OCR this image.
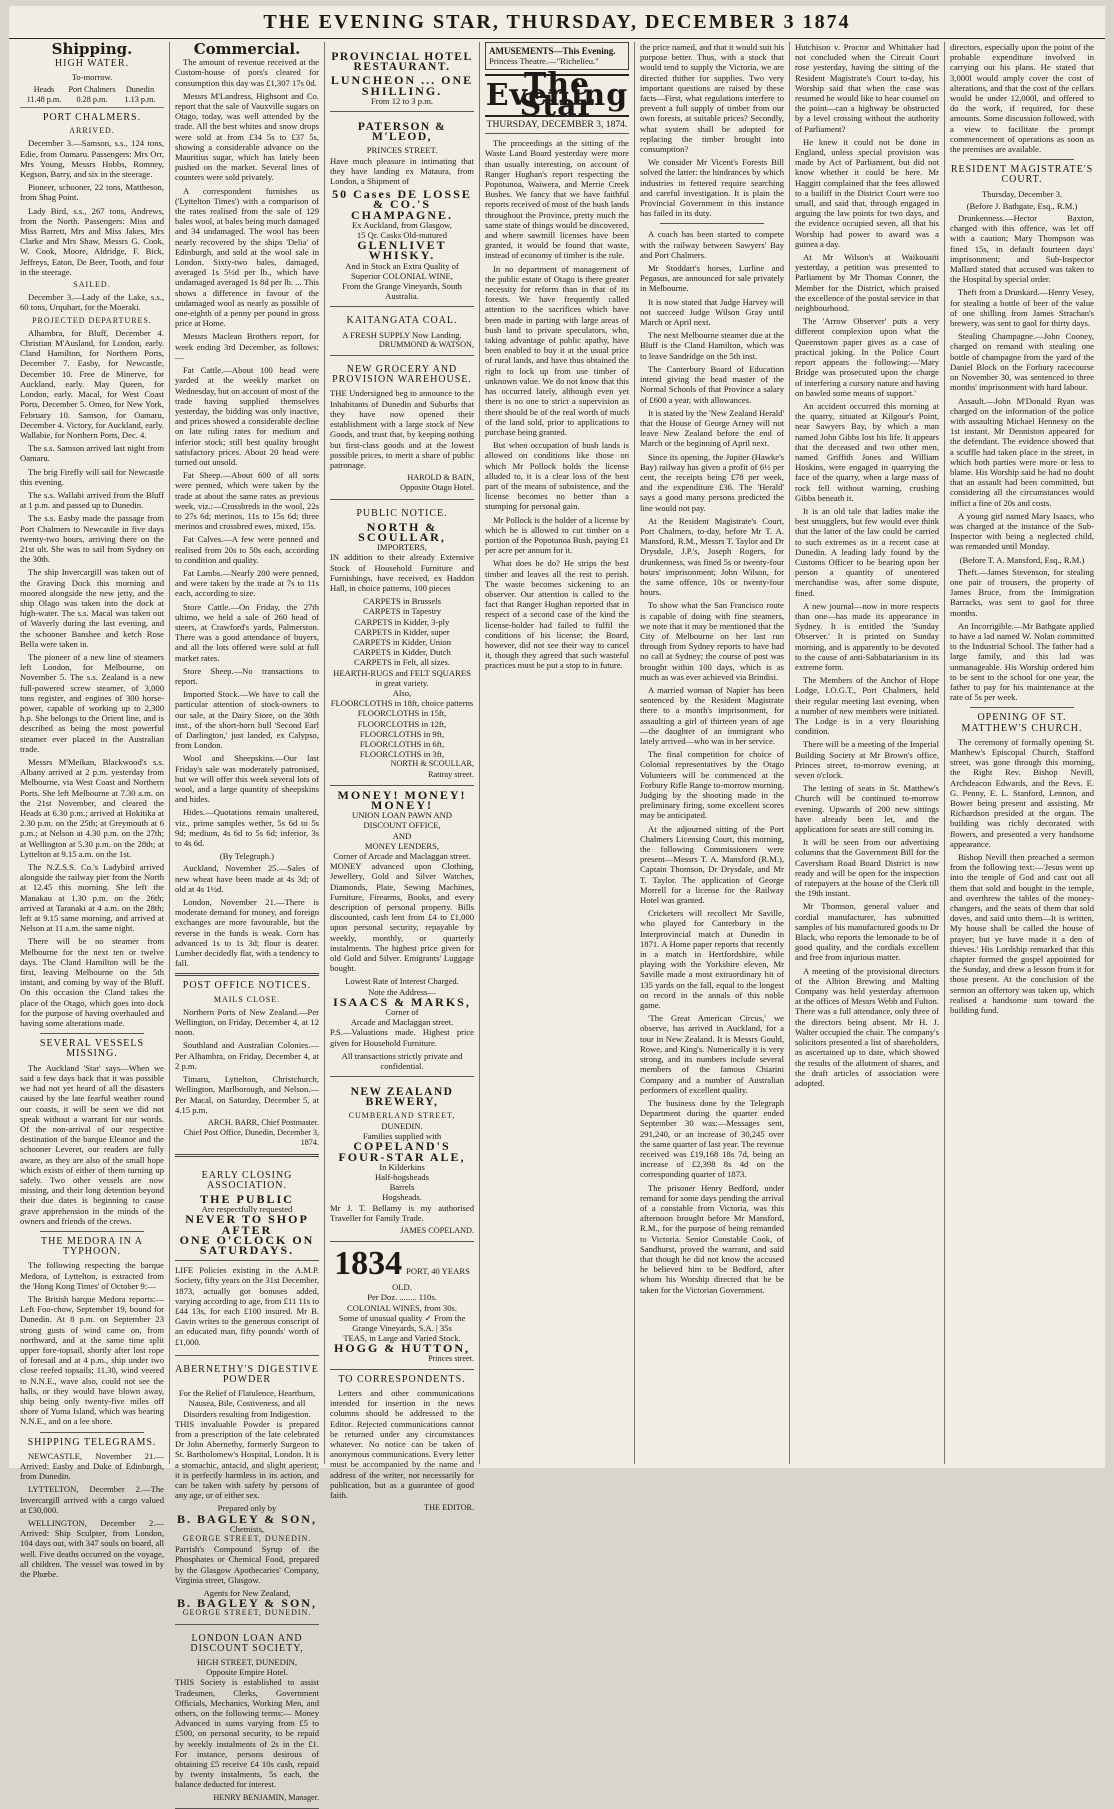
THE EVENING STAR, THURSDAY, DECEMBER 3 1874
Shipping.
HIGH WATER.
To-morrow.
Heads
11.48 p.m.
Port Chalmers
0.28 p.m.
Dunedin
1.13 p.m.
PORT CHALMERS.
ARRIVED.

December 3.—Samson, s.s., 124 tons, Edie, from Oamaru. Passengers: Mrs Orr, Mrs Young, Messrs Hobbs, Romney, Kegson, Barry, and six in the steerage.

Pioneer, schooner, 22 tons, Mattheson, from Shag Point.

Lady Bird, s.s., 267 tons, Andrews, from the North. Passengers: Miss and Miss Barrett, Mrs and Miss Jakes, Mrs Clarke and Mrs Shaw, Messrs G. Cook, W. Cook, Moore, Aldridge, F. Bick, Jeffreys, Eaton, De Beer, Tooth, and four in the steerage.

SAILED.

December 3.—Lady of the Lake, s.s., 60 tons, Urquhart, for the Moeraki.

PROJECTED DEPARTURES.

Alhambra, for Bluff, December 4. Christian M'Ausland, for London, early. Cland Hamilton, for Northern Ports, December 7. Easby, for Newcastle, December 10. Free de Minerve, for Auckland, early. May Queen, for London, early. Macal, for West Coast Ports, December 5. Omeo, for New York, February 10. Samson, for Oamaru, December 4. Victory, for Auckland, early. Wallabie, for Northern Ports, Dec. 4.

The s.s. Samson arrived last night from Oamaru.

The brig Firefly will sail for Newcastle this evening.

The s.s. Wallabi arrived from the Bluff at 1 p.m. and passed up to Dunedin.

The s.s. Easby made the passage from Port Chalmers to Newcastle in five days twenty-two hours, arriving there on the 21st ult. She was to sail from Sydney on the 30th.

The ship Invercargill was taken out of the Graving Dock this morning and moored alongside the new jetty, and the ship Olago was taken into the dock at high-water. The s.s. Macal was taken out of Waverly during the last evening, and the schooner Banshee and ketch Rose Bella were taken in.

The pioneer of a new line of steamers left London, for Melbourne, on November 5. The s.s. Zealand is a new full-powered screw steamer, of 3,000 tons register, and engines of 300 horse-power, capable of working up to 2,300 h.p. She belongs to the Orient line, and is described as being the most powerful steamer ever placed in the Australian trade.

Messrs M'Meikan, Blackwood's s.s. Albany arrived at 2 p.m. yesterday from Melbourne, via West Coast and Northern Ports. She left Melbourne at 7.30 a.m. on the 21st November, and cleared the Heads at 6.30 p.m.; arrived at Hokitika at 2.30 p.m. on the 25th; at Greymouth at 6 p.m.; at Nelson at 4.30 p.m. on the 27th; at Wellington at 5.30 p.m. on the 28th; at Lyttelton at 9.15 a.m. on the 1st.

The N.Z.S.S. Co.'s Ladybird arrived alongside the railway pier from the North at 12.45 this morning. She left the Manakau at 1.30 p.m. on the 26th; arrived at Taranaki at 4 a.m. on the 28th; left at 9.15 same morning, and arrived at Nelson at 11 a.m. the same night.

There will be no steamer from Melbourne for the next ten or twelve days. The Cland Hamilton will be the first, leaving Melbourne on the 5th instant, and coming by way of the Bluff. On this occasion the Cland takes the place of the Otago, which goes into dock for the purpose of having overhauled and having some alterations made.

SEVERAL VESSELS MISSING.

The Auckland 'Star' says—When we said a few days back that it was possible we had not yet heard of all the disasters caused by the late fearful weather round our coasts, it will be seen we did not speak without a warrant for our words. Of the non-arrival of our respective destination of the barque Eleanor and the schooner Leveret, our readers are fully aware, as they are also of the small hope which exists of either of them turning up safely. Two other vessels are now missing, and their long detention beyond their due dates is beginning to cause grave apprehension in the minds of the owners and friends of the crews.

THE MEDORA IN A TYPHOON.

The following respecting the barque Medora, of Lyttelton, is extracted from the 'Hong Kong Times' of October 9:—

The British barque Medora reports:—Left Foo-chow, September 19, bound for Dunedin. At 8 p.m. on September 23 strong gusts of wind came on, from northward, and at the same time split upper fore-topsail, shortly after lost rope of foresail and at 4 p.m., ship under two close reefed topsails; 11.30, wind veered to N.N.E., wave also, could not see the halls, or they would have blown away, ship being only twenty-five miles off shore of Yuma Island, which was bearing N.N.E., and on a lee shore.

SHIPPING TELEGRAMS.

NEWCASTLE, November 21.—Arrived: Easby and Duke of Edinburgh, from Dunedin.

LYTTELTON, December 2.—The Invercargill arrived with a cargo valued at £30,000.

WELLINGTON, December 2.—Arrived: Ship Sculpter, from London, 104 days out, with 347 souls on board, all well. Five deaths occurred on the voyage, all children. The vessel was towed in by the Phœbe.

Commercial.

The amount of revenue received at the Custom-house of pors's cleared for consumption this day was £1,307 17s 0d.

Messrs M'Landress, Highsont and Co. report that the sale of Vauxville sugars on Otago, today, was well attended by the trade. All the best whites and snow drops were sold at from £34 5s to £37 5s, showing a considerable advance on the Mauritius sugar, which has lately been pushed on the market. Several lines of counters were sold privately.

A correspondent furnishes us ('Lyttelton Times') with a comparison of the rates realised from the sale of 129 bales wool, at bales being much damaged and 34 undamaged. The wool has been nearly recovered by the ships 'Delia' of Edinburgh, and sold at the wool sale in London. Sixty-two bales, damaged, averaged 1s 5½d per lb., which have undamaged averaged 1s 8d per lb. ... This shows a difference in favour of the undamaged wool as nearly as possible of one-eighth of a penny per pound in gross price at Home.

Messrs Maclean Brothers report, for week ending 3rd December, as follows:—

Fat Cattle.—About 100 head were yarded at the weekly market on Wednesday, but on account of most of the trade having supplied themselves yesterday, the bidding was only inactive, and prices showed a considerable decline on late ruling rates for medium and inferior stock; still best quality brought satisfactory prices. About 20 head were turned out unsold.

Fat Sheep.—About 600 of all sorts were penned, which were taken by the trade at about the same rates as previous week, viz.:—Crossbreds in the wool, 22s to 27s 6d; merinos, 11s to 15s 6d; three merinos and crossbred ewes, mixed, 15s.

Fat Calves.—A few were penned and realised from 20s to 50s each, according to condition and quality.

Fat Lambs.—Nearly 200 were penned, and were taken by the trade at 7s to 11s each, according to size.

Store Cattle.—On Friday, the 27th ultimo, we held a sale of 260 head of steers, at Crawford's yards, Palmerston. There was a good attendance of buyers, and all the lots offered were sold at full market rates.

Store Sheep.—No transactions to report.

Imported Stock.—We have to call the particular attention of stock-owners to our sale, at the Dairy Store, on the 30th inst., of the short-horn bull 'Second Earl of Darlington,' just landed, ex Calypso, from London.

Wool and Sheepskins.—Our last Friday's sale was moderately patronised, but we will offer this week several lots of wool, and a large quantity of sheepskins and hides.

Hides.—Quotations remain unaltered, viz., prime samples wether, 5s 6d to 5s 9d; medium, 4s 6d to 5s 6d; inferior, 3s to 4s 6d.

(By Telegraph.)

Auckland, November 25.—Sales of new wheat have been made at 4s 3d; of old at 4s 1½d.

London, November 21.—There is moderate demand for money, and foreign exchanges are more favourable, but the reverse in the funds is weak. Corn has advanced 1s to 1s 3d; flour is dearer. Lumber decidedly flat, with a tendency to fall.

POST OFFICE NOTICES.
MAILS CLOSE.

Northern Ports of New Zealand.—Per Wellington, on Friday, December 4, at 12 noon.

Southland and Australian Colonies.—Per Alhambra, on Friday, December 4, at 2 p.m.

Timaru, Lyttelton, Christchurch, Wellington, Marlborough, and Nelson.—Per Macal, on Saturday, December 5, at 4.15 p.m.

ARCH. BARR, Chief Postmaster.
Chief Post Office, Dunedin, December 3, 1874.
EARLY CLOSING ASSOCIATION.
THE PUBLIC
Are respectfully requested
NEVER TO SHOP AFTER
ONE O'CLOCK ON SATURDAYS.

LIFE Policies existing in the A.M.P. Society, fifty years on the 31st December, 1873, actually got bonuses added, varying according to age, from £11 11s to £44 13s, for each £100 insured. Mr B. Gavin writes to the generous conscript of an educated man, fifty pounds' worth of £1,000.

ABERNETHY'S DIGESTIVE POWDER
For the Relief of Flatulence, Heartburn, Nausea, Bile, Costiveness, and all Disorders resulting from Indigestion.

THIS invaluable Powder is prepared from a prescription of the late celebrated Dr John Abernethy, formerly Surgeon to St. Bartholomew's Hospital, London. It is a stomachic, antacid, and slight aperient; it is perfectly harmless in its action, and can be taken with safety by persons of any age, or of either sex.

Prepared only by
B. BAGLEY & SON,
Chemists,
GEORGE STREET, DUNEDIN.

Parrish's Compound Syrup of the Phosphates or Chemical Food, prepared by the Glasgow Apothecaries' Company, Virginia street, Glasgow.

Agents for New Zealand,
B. BAGLEY & SON,
GEORGE STREET, DUNEDIN.
LONDON LOAN AND DISCOUNT SOCIETY,
HIGH STREET, DUNEDIN,
Opposite Empire Hotel.

THIS Society is established to assist Tradesmen, Clerks, Government Officials, Mechanics, Working Men, and others, on the following terms:— Money Advanced in sums varying from £5 to £500, on personal security, to be repaid by weekly instalments of 2s in the £1. For instance, persons desirous of obtaining £5 receive £4 10s cash, repaid by twenty instalments, 5s each, the balance deducted for interest.

HENRY BENJAMIN, Manager.
PROVINCIAL HOTEL RESTAURANT.
LUNCHEON ... ONE SHILLING.
From 12 to 3 p.m.
PATERSON & M'LEOD,
PRINCES STREET.

Have much pleasure in intimating that they have landing ex Mataura, from London, a Shipment of

50 Cases DE LOSSE & CO.'S CHAMPAGNE.
Ex Auckland, from Glasgow,
15 Qr. Casks Old-matured
GLENLIVET WHISKY.
And in Stock an Extra Quality of Superior COLONIAL WINE,
From the Grange Vineyards, South Australia.
KAITANGATA COAL.
A FRESH SUPPLY Now Landing.
DRUMMOND & WATSON,
NEW GROCERY AND PROVISION WAREHOUSE.

THE Undersigned beg to announce to the Inhabitants of Dunedin and Suburbs that they have now opened their establishment with a large stock of New Goods, and trust that, by keeping nothing but first-class goods and at the lowest possible prices, to merit a share of public patronage.

HAROLD & BAIN,
Opposite Otago Hotel.
PUBLIC NOTICE.
NORTH & SCOULLAR,
IMPORTERS,

IN addition to their already Extensive Stock of Household Furniture and Furnishings, have received, ex Haddon Hall, in choice patterns, 100 pieces

CARPETS in Brussels
CARPETS in Tapestry
CARPETS in Kidder, 3-ply
CARPETS in Kidder, super
CARPETS in Kidder, Union
CARPETS in Kidder, Dutch
CARPETS in Felt, all sizes.
HEARTH-RUGS and FELT SQUARES in great variety.
Also,
FLOORCLOTHS in 18ft, choice patterns
FLOORCLOTHS in 15ft,
FLOORCLOTHS in 12ft,
FLOORCLOTHS in 9ft,
FLOORCLOTHS in 6ft,
FLOORCLOTHS in 3ft,
NORTH & SCOULLAR,
Rattray street.
MONEY! MONEY! MONEY!
UNION LOAN PAWN AND DISCOUNT OFFICE,
AND
MONEY LENDERS,
Corner of Arcade and Maclaggan street.

MONEY advanced upon Clothing, Jewellery, Gold and Silver Watches, Diamonds, Plate, Sewing Machines, Furniture, Firearms, Books, and every description of personal property. Bills discounted, cash lent from £4 to £1,000 upon personal security, repayable by weekly, monthly, or quarterly instalments. The highest price given for old Gold and Silver. Emigrants' Luggage bought.

Lowest Rate of Interest Charged.
Note the Address—
ISAACS & MARKS,
Corner of
Arcade and Maclaggan street.

P.S.—Valuations made. Highest price given for Household Furniture.

All transactions strictly private and confidential.
NEW ZEALAND BREWERY,
CUMBERLAND STREET,
DUNEDIN.
Families supplied with
COPELAND'S FOUR-STAR ALE,
In Kilderkins
Half-hogsheads
Barrels
Hogsheads.

Mr J. T. Bellamy is my authorised Traveller for Family Trade.

JAMES COPELAND.
1834 PORT, 40 YEARS OLD.
Per Doz. ........ 110s.
COLONIAL WINES, from 30s.
Some of unusual quality ✓ From the Grange Vineyards, S.A. | 35s
TEAS, in Large and Varied Stock.
HOGG & HUTTON,
Princes street.
TO CORRESPONDENTS.

Letters and other communications intended for insertion in the news columns should be addressed to the Editor. Rejected communications cannot be returned under any circumstances whatever. No notice can be taken of anonymous communications. Every letter must be accompanied by the name and address of the writer, not necessarily for publication, but as a guarantee of good faith.

THE EDITOR.
AMUSEMENTS—This Evening.
Princess Theatre.—"Richelieu."
The Evening Star
THURSDAY, DECEMBER 3, 1874.

The proceedings at the sitting of the Waste Land Board yesterday were more than usually interesting, on account of Ranger Hughan's report respecting the Popotunoa, Waiwera, and Merrie Creek Bushes. We fancy that we have faithful reports received of most of the bush lands throughout the Province, pretty much the same state of things would be discovered, and where sawmill licenses have been granted, it would be found that waste, instead of economy of timber is the rule.

In no department of management of the public estate of Otago is there greater necessity for reform than in that of its forests. We have frequently called attention to the sacrifices which have been made in parting with large areas of bush land to private speculators, who, taking advantage of public apathy, have been enabled to buy it at the usual price of rural lands, and have thus obtained the right to lock up from use timber of unknown value. We do not know that this has occurred lately, although even yet there is no one to strict a supervision as there should be of the real worth of much of the land sold, prior to applications to purchase being granted.

But when occupation of bush lands is allowed on conditions like those on which Mr Pollock holds the license alluded to, it is a clear loss of the best part of the means of subsistence, and the license becomes no better than a stumping for personal gain.

Mr Pollock is the holder of a license by which he is allowed to cut timber on a portion of the Popotunoa Bush, paying £1 per acre per annum for it.

What does he do? He strips the best timber and leaves all the rest to perish. The waste becomes sickening to an observer. Our attention is called to the fact that Ranger Hughan reported that in respect of a second case of the kind the license-holder had failed to fulfil the conditions of his license; the Board, however, did not see their way to cancel it, though they agreed that such wasteful practices must be put a stop to in future.

the price named, and that it would suit his purpose better. Thus, with a stock that would tend to supply the Victoria, we are directed thither for supplies. Two very important questions are raised by these facts—First, what regulations interfere to prevent a full supply of timber from our own forests, at suitable prices? Secondly, what system shall be adopted for replacing the timber brought into consumption?

We consider Mr Vicent's Forests Bill solved the latter: the hindrances by which industries in fettered require searching and careful investigation. It is plain the Provincial Government in this instance has failed in its duty.

A coach has been started to compete with the railway between Sawyers' Bay and Port Chalmers.

Mr Stoddart's horses, Lurline and Pegasus, are announced for sale privately in Melbourne.

It is now stated that Judge Harvey will not succeed Judge Wilson Gray until March or April next.

The next Melbourne steamer due at the Bluff is the Cland Hamilton, which was to leave Sandridge on the 5th inst.

The Canterbury Board of Education intend giving the head master of the Normal Schools of that Province a salary of £600 a year, with allowances.

It is stated by the 'New Zealand Herald' that the House of George Arney will not leave New Zealand before the end of March or the beginning of April next.

Since its opening, the Jupiter (Hawke's Bay) railway has given a profit of 6½ per cent, the receipts being £78 per week, and the expenditure £36. The 'Herald' says a good many persons predicted the line would not pay.

At the Resident Magistrate's Court, Port Chalmers, to-day, before Mr T. A. Mansford, R.M., Messrs T. Taylor and Dr Drysdale, J.P.'s, Joseph Rogers, for drunkenness, was fined 5s or twenty-four hours' imprisonment; John Wilson, for the same offence, 10s or twenty-four hours.

To show what the San Francisco route is capable of doing with fine steamers, we note that it may be mentioned that the City of Melbourne on her last run through from Sydney reports to have had no call at Sydney; the course of post was brought within 100 days, which is as much as was ever achieved via Brindisi.

A married woman of Napier has been sentenced by the Resident Magistrate there to a month's imprisonment, for assaulting a girl of thirteen years of age—the daughter of an immigrant who lately arrived—who was in her service.

The final competition for choice of Colonial representatives by the Otago Volunteers will be commenced at the Forbury Rifle Range to-morrow morning. Judging by the shooting made in the preliminary firing, some excellent scores may be anticipated.

At the adjourned sitting of the Port Chalmers Licensing Court, this morning, the following Commissioners were present—Messrs T. A. Mansford (R.M.), Captain Thomson, Dr Drysdale, and Mr T. Taylor. The application of George Morrell for a license for the Railway Hotel was granted.

Cricketers will recollect Mr Saville, who played for Canterbury in the Interprovincial match at Dunedin in 1871. A Home paper reports that recently in a match in Hertfordshire, while playing with the Yorkshire eleven, Mr Saville made a most extraordinary hit of 135 yards on the fall, equal to the longest on record in the annals of this noble game.

'The Great American Circus,' we observe, has arrived in Auckland, for a tour in New Zealand. It is Messrs Gould, Rowe, and King's. Numerically it is very strong, and its numbers include several members of the famous Chiarini Company and a number of Australian performers of excellent quality.

The business done by the Telegraph Department during the quarter ended September 30 was:—Messages sent, 291,240, or an increase of 30,245 over the same quarter of last year. The revenue received was £19,168 18s 7d, being an increase of £2,398 8s 4d on the corresponding quarter of 1873.

The prisoner Henry Bedford, under remand for some days pending the arrival of a constable from Victoria, was this afternoon brought before Mr Mansford, R.M., for the purpose of being remanded to Victoria. Senior Constable Cook, of Sandhurst, proved the warrant, and said that though he did not know the accused he believed him to be Bedford, after whom his Worship directed that he be taken for the Victorian Government.

Hutchison v. Proctor and Whittaker had not concluded when the Circuit Court rose yesterday, having the sitting of the Resident Magistrate's Court to-day, his Worship said that when the case was resumed he would like to hear counsel on the point—can a highway be obstructed by a level crossing without the authority of Parliament?

He knew it could not be done in England, unless special provision was made by Act of Parliament, but did not know whether it could be here. Mr Haggitt complained that the fees allowed to a bailiff in the District Court were too small, and said that, through engaged in arguing the law points for two days, and the evidence occupied seven, all that his Worship had power to award was a guinea a day.

At Mr Wilson's at Waikouaiti yesterday, a petition was presented to Parliament by Mr Thomas Conner, the Member for the District, which praised the excellence of the postal service in that neighbourhood.

The 'Arrow Observer' puts a very different complexion upon what the Queenstown paper gives as a case of practical joking. In the Police Court report appears the following:—'Mary Bridge was prosecuted upon the charge of interfering a cursory nature and having on bawled some means of support.'

An accident occurred this morning at the quarry, situated at Kilgour's Point, near Sawyers Bay, by which a man named John Gibbs lost his life. It appears that the deceased and two other men, named Griffith Jones and William Hoskins, were engaged in quarrying the face of the quarry, when a large mass of rock fell without warning, crushing Gibbs beneath it.

It is an old tale that ladies make the best smugglers, but few would ever think that the latter of the law could be carried to such extremes as in a recent case at Dunedin. A leading lady found by the Customs Officer to be bearing upon her person a quantity of unentered merchandise was, after some dispute, fined.

A new journal—now in more respects than one—has made its appearance in Sydney. It is entitled the 'Sunday Observer.' It is printed on Sunday morning, and is apparently to be devoted to the cause of anti-Sabbatarianism in its extreme form.

The Members of the Anchor of Hope Lodge, I.O.G.T., Port Chalmers, held their regular meeting last evening, when a number of new members were initiated. The Lodge is in a very flourishing condition.

There will be a meeting of the Imperial Building Society at Mr Brown's office, Princes street, to-morrow evening, at seven o'clock.

The letting of seats in St. Matthew's Church will be continued to-morrow evening. Upwards of 200 new sittings have already been let, and the applications for seats are still coming in.

It will be seen from our advertising columns that the Government Bill for the Caversham Road Board District is now ready and will be open for the inspection of ratepayers at the house of the Clerk till the 19th instant.

Mr Thomson, general valuer and cordial manufacturer, has submitted samples of his manufactured goods to Dr Black, who reports the lemonade to be of good quality, and the cordials excellent and free from injurious matter.

A meeting of the provisional directors of the Albion Brewing and Malting Company was held yesterday afternoon at the offices of Messrs Webb and Fulton. There was a full attendance, only three of the directors being absent. Mr H. J. Walter occupied the chair. The company's solicitors presented a list of shareholders, as ascertained up to date, which showed the results of the allotment of shares, and the draft articles of association were adopted.

directors, especially upon the point of the probable expenditure involved in carrying out his plans. He stated that 3,000l would amply cover the cost of alterations, and that the cost of the cellars would be under 12,000l, and offered to do the work, if required, for these amounts. Some discussion followed, with a view to facilitate the prompt commencement of operations as soon as the premises are available.

RESIDENT MAGISTRATE'S COURT.
Thursday, December 3.
(Before J. Bathgate, Esq., R.M.)

Drunkenness.—Hector Baxton, charged with this offence, was let off with a caution; Mary Thompson was fined 15s, in default fourteen days' imprisonment; and Sub-Inspector Mallard stated that accused was taken to the Hospital by special order.

Theft from a Drunkard.—Henry Vesey, for stealing a bottle of beer of the value of one shilling from James Strachan's brewery, was sent to gaol for thirty days.

Stealing Champagne.—John Cooney, charged on remand with stealing one bottle of champagne from the yard of the Daniel Block on the Forbury racecourse on November 30, was sentenced to three months' imprisonment with hard labour.

Assault.—John M'Donald Ryan was charged on the information of the police with assaulting Michael Hennesy on the 1st instant. Mr Denniston appeared for the defendant. The evidence showed that a scuffle had taken place in the street, in which both parties were more or less to blame. His Worship said he had no doubt that an assault had been committed, but considering all the circumstances would inflict a fine of 20s and costs.

A young girl named Mary Isaacs, who was charged at the instance of the Sub-Inspector with being a neglected child, was remanded until Monday.

(Before T. A. Mansford, Esq., R.M.)

Theft.—James Stevenson, for stealing one pair of trousers, the property of James Bruce, from the Immigration Barracks, was sent to gaol for three months.

An Incorrigible.—Mr Bathgate applied to have a lad named W. Nolan committed to the Industrial School. The father had a large family, and this lad was unmanageable. His Worship ordered him to be sent to the school for one year, the father to pay for his maintenance at the rate of 5s per week.

OPENING OF ST. MATTHEW'S CHURCH.

The ceremony of formally opening St. Matthew's Episcopal Church, Stafford street, was gone through this morning, the Right Rev. Bishop Nevill, Archdeacon Edwards, and the Revs. E. G. Penny, E. L. Stanford, Lennon, and Bower being present and assisting. Mr Richardson presided at the organ. The building was richly decorated with flowers, and presented a very handsome appearance.

Bishop Nevill then preached a sermon from the following text:—'Jesus went up into the temple of God and cast out all them that sold and bought in the temple, and overthrew the tables of the money-changers, and the seats of them that sold doves, and said unto them—It is written, My house shall be called the house of prayer; but ye have made it a den of thieves.' His Lordship remarked that this chapter formed the gospel appointed for the Sunday, and drew a lesson from it for those present. At the conclusion of the sermon an offertory was taken up, which realised a handsome sum toward the building fund.
